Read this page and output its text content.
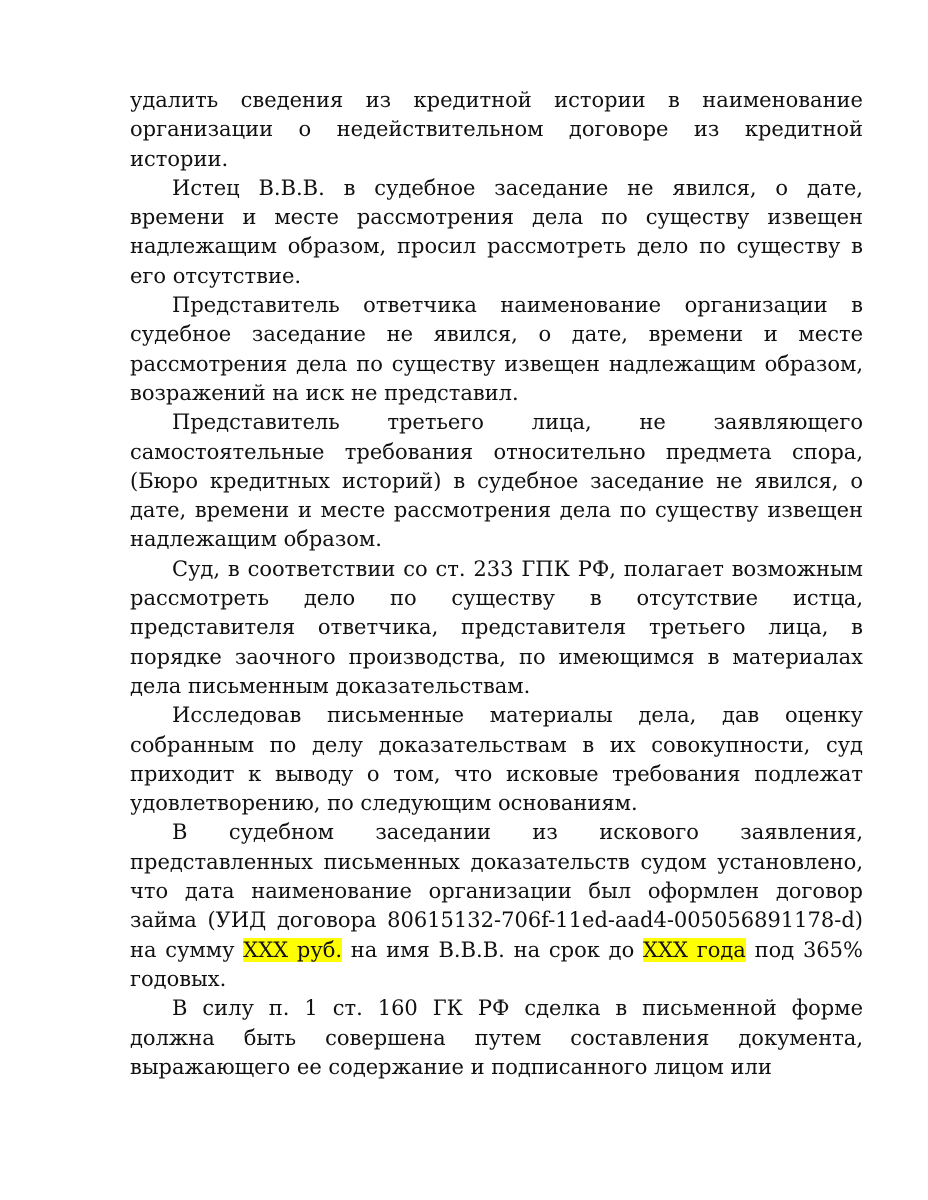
удалить сведения из кредитной истории в наименование организации о недействительном договоре из кредитной истории.

Истец В.В.В. в судебное заседание не явился, о дате, времени и месте рассмотрения дела по существу извещен надлежащим образом, просил рассмотреть дело по существу в его отсутствие.

Представитель ответчика наименование организации в судебное заседание не явился, о дате, времени и месте рассмотрения дела по существу извещен надлежащим образом, возражений на иск не представил.

Представитель третьего лица, не заявляющего самостоятельные требования относительно предмета спора, (Бюро кредитных историй) в судебное заседание не явился, о дате, времени и месте рассмотрения дела по существу извещен надлежащим образом.

Суд, в соответствии со ст. 233 ГПК РФ, полагает возможным рассмотреть дело по существу в отсутствие истца, представителя ответчика, представителя третьего лица, в порядке заочного производства, по имеющимся в материалах дела письменным доказательствам.

Исследовав письменные материалы дела, дав оценку собранным по делу доказательствам в их совокупности, суд приходит к выводу о том, что исковые требования подлежат удовлетворению, по следующим основаниям.

В судебном заседании из искового заявления, представленных письменных доказательств судом установлено, что дата наименование организации был оформлен договор займа (УИД договора 80615132-706f-11ed-aad4-005056891178-d) на сумму XXX руб. на имя В.В.В. на срок до XXX года под 365% годовых.

В силу п. 1 ст. 160 ГК РФ сделка в письменной форме должна быть совершена путем составления документа, выражающего ее содержание и подписанного лицом или
